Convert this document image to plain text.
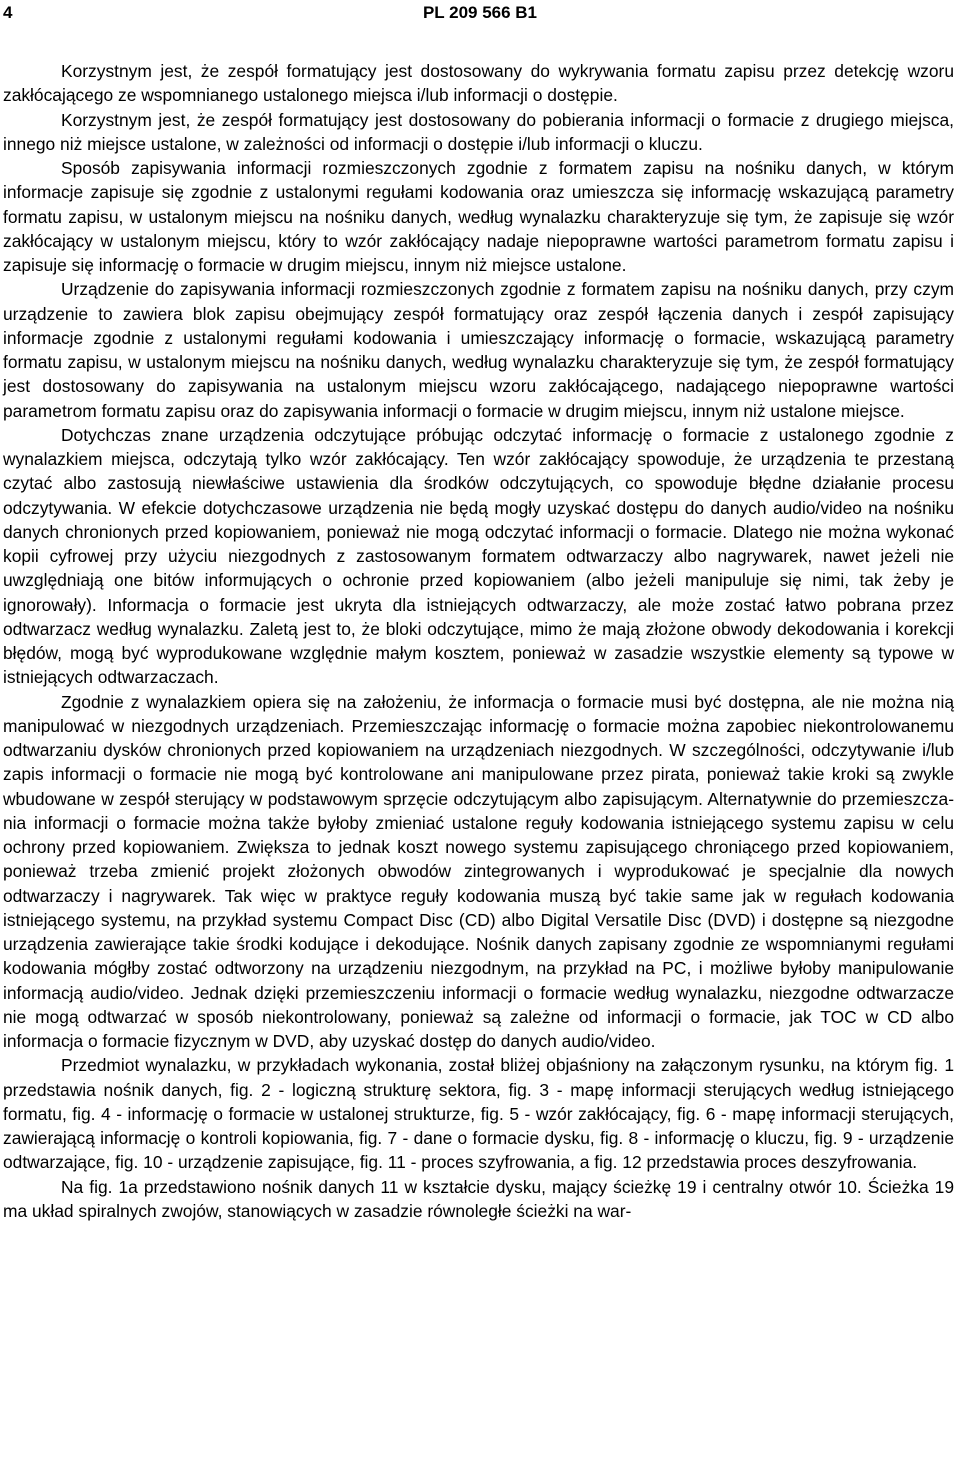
4	PL 209 566 B1

Korzystnym jest, że zespół formatujący jest dostosowany do wykrywania formatu zapisu przez detekcję wzoru zakłócającego ze wspomnianego ustalonego miejsca i/lub informacji o dostępie.

Korzystnym jest, że zespół formatujący jest dostosowany do pobierania informacji o formacie z drugiego miejsca, innego niż miejsce ustalone, w zależności od informacji o dostępie i/lub informacji o kluczu.

Sposób zapisywania informacji rozmieszczonych zgodnie z formatem zapisu na nośniku danych, w którym informacje zapisuje się zgodnie z ustalonymi regułami kodowania oraz umieszcza się informację wskazującą parametry formatu zapisu, w ustalonym miejscu na nośniku danych, według wynalazku charakteryzuje się tym, że zapisuje się wzór zakłócający w ustalonym miejscu, który to wzór zakłócający nadaje niepoprawne wartości parametrom formatu zapisu i zapisuje się informację o formacie w drugim miejscu, innym niż miejsce ustalone.

Urządzenie do zapisywania informacji rozmieszczonych zgodnie z formatem zapisu na nośniku danych, przy czym urządzenie to zawiera blok zapisu obejmujący zespół formatujący oraz zespół łączenia danych i zespół zapisujący informacje zgodnie z ustalonymi regułami kodowania i umieszczający informację o formacie, wskazującą parametry formatu zapisu, w ustalonym miejscu na nośniku danych, według wynalazku charakteryzuje się tym, że zespół formatujący jest dostosowany do zapisywania na ustalonym miejscu wzoru zakłócającego, nadającego niepoprawne wartości parametrom formatu zapisu oraz do zapisywania informacji o formacie w drugim miejscu, innym niż ustalone miejsce.

Dotychczas znane urządzenia odczytujące próbując odczytać informację o formacie z ustalonego zgodnie z wynalazkiem miejsca, odczytają tylko wzór zakłócający. Ten wzór zakłócający spowoduje, że urządzenia te przestaną czytać albo zastosują niewłaściwe ustawienia dla środków odczytujących, co spowoduje błędne działanie procesu odczytywania. W efekcie dotychczasowe urządzenia nie będą mogły uzyskać dostępu do danych audio/video na nośniku danych chronionych przed kopiowaniem, ponieważ nie mogą odczytać informacji o formacie. Dlatego nie można wykonać kopii cyfrowej przy użyciu niezgodnych z zastosowanym formatem odtwarzaczy albo nagrywarek, nawet jeżeli nie uwzględniają one bitów informujących o ochronie przed kopiowaniem (albo jeżeli manipuluje się nimi, tak żeby je ignorowały). Informacja o formacie jest ukryta dla istniejących odtwarzaczy, ale może zostać łatwo pobrana przez odtwarzacz według wynalazku. Zaletą jest to, że bloki odczytujące, mimo że mają złożone obwody dekodowania i korekcji błędów, mogą być wyprodukowane względnie małym kosztem, ponieważ w zasadzie wszystkie elementy są typowe w istniejących odtwarzaczach.

Zgodnie z wynalazkiem opiera się na założeniu, że informacja o formacie musi być dostępna, ale nie można nią manipulować w niezgodnych urządzeniach. Przemieszczając informację o formacie można zapobiec niekontrolowanemu odtwarzaniu dysków chronionych przed kopiowaniem na urządzeniach niezgodnych. W szczególności, odczytywanie i/lub zapis informacji o formacie nie mogą być kontrolowane ani manipulowane przez pirata, ponieważ takie kroki są zwykle wbudowane w zespół sterujący w podstawowym sprzęcie odczytującym albo zapisującym. Alternatywnie do przemieszczania informacji o formacie można także byłoby zmieniać ustalone reguły kodowania istniejącego systemu zapisu w celu ochrony przed kopiowaniem. Zwiększa to jednak koszt nowego systemu zapisującego chroniącego przed kopiowaniem, ponieważ trzeba zmienić projekt złożonych obwodów zintegrowanych i wyprodukować je specjalnie dla nowych odtwarzaczy i nagrywarek. Tak więc w praktyce reguły kodowania muszą być takie same jak w regułach kodowania istniejącego systemu, na przykład systemu Compact Disc (CD) albo Digital Versatile Disc (DVD) i dostępne są niezgodne urządzenia zawierające takie środki kodujące i dekodujące. Nośnik danych zapisany zgodnie ze wspomnianymi regułami kodowania mógłby zostać odtworzony na urządzeniu niezgodnym, na przykład na PC, i możliwe byłoby manipulowanie informacją audio/video. Jednak dzięki przemieszczeniu informacji o formacie według wynalazku, niezgodne odtwarzacze nie mogą odtwarzać w sposób niekontrolowany, ponieważ są zależne od informacji o formacie, jak TOC w CD albo informacja o formacie fizycznym w DVD, aby uzyskać dostęp do danych audio/video.

Przedmiot wynalazku, w przykładach wykonania, został bliżej objaśniony na załączonym rysunku, na którym fig. 1 przedstawia nośnik danych, fig. 2 - logiczną strukturę sektora, fig. 3 - mapę informacji sterujących według istniejącego formatu, fig. 4 - informację o formacie w ustalonej strukturze, fig. 5 - wzór zakłócający, fig. 6 - mapę informacji sterujących, zawierającą informację o kontroli kopiowania, fig. 7 - dane o formacie dysku, fig. 8 - informację o kluczu, fig. 9 - urządzenie odtwarzające, fig. 10 - urządzenie zapisujące, fig. 11 - proces szyfrowania, a fig. 12 przedstawia proces deszyfrowania.

Na fig. 1a przedstawiono nośnik danych 11 w kształcie dysku, mający ścieżkę 19 i centralny otwór 10. Ścieżka 19 ma układ spiralnych zwojów, stanowiących w zasadzie równoległe ścieżki na war-
